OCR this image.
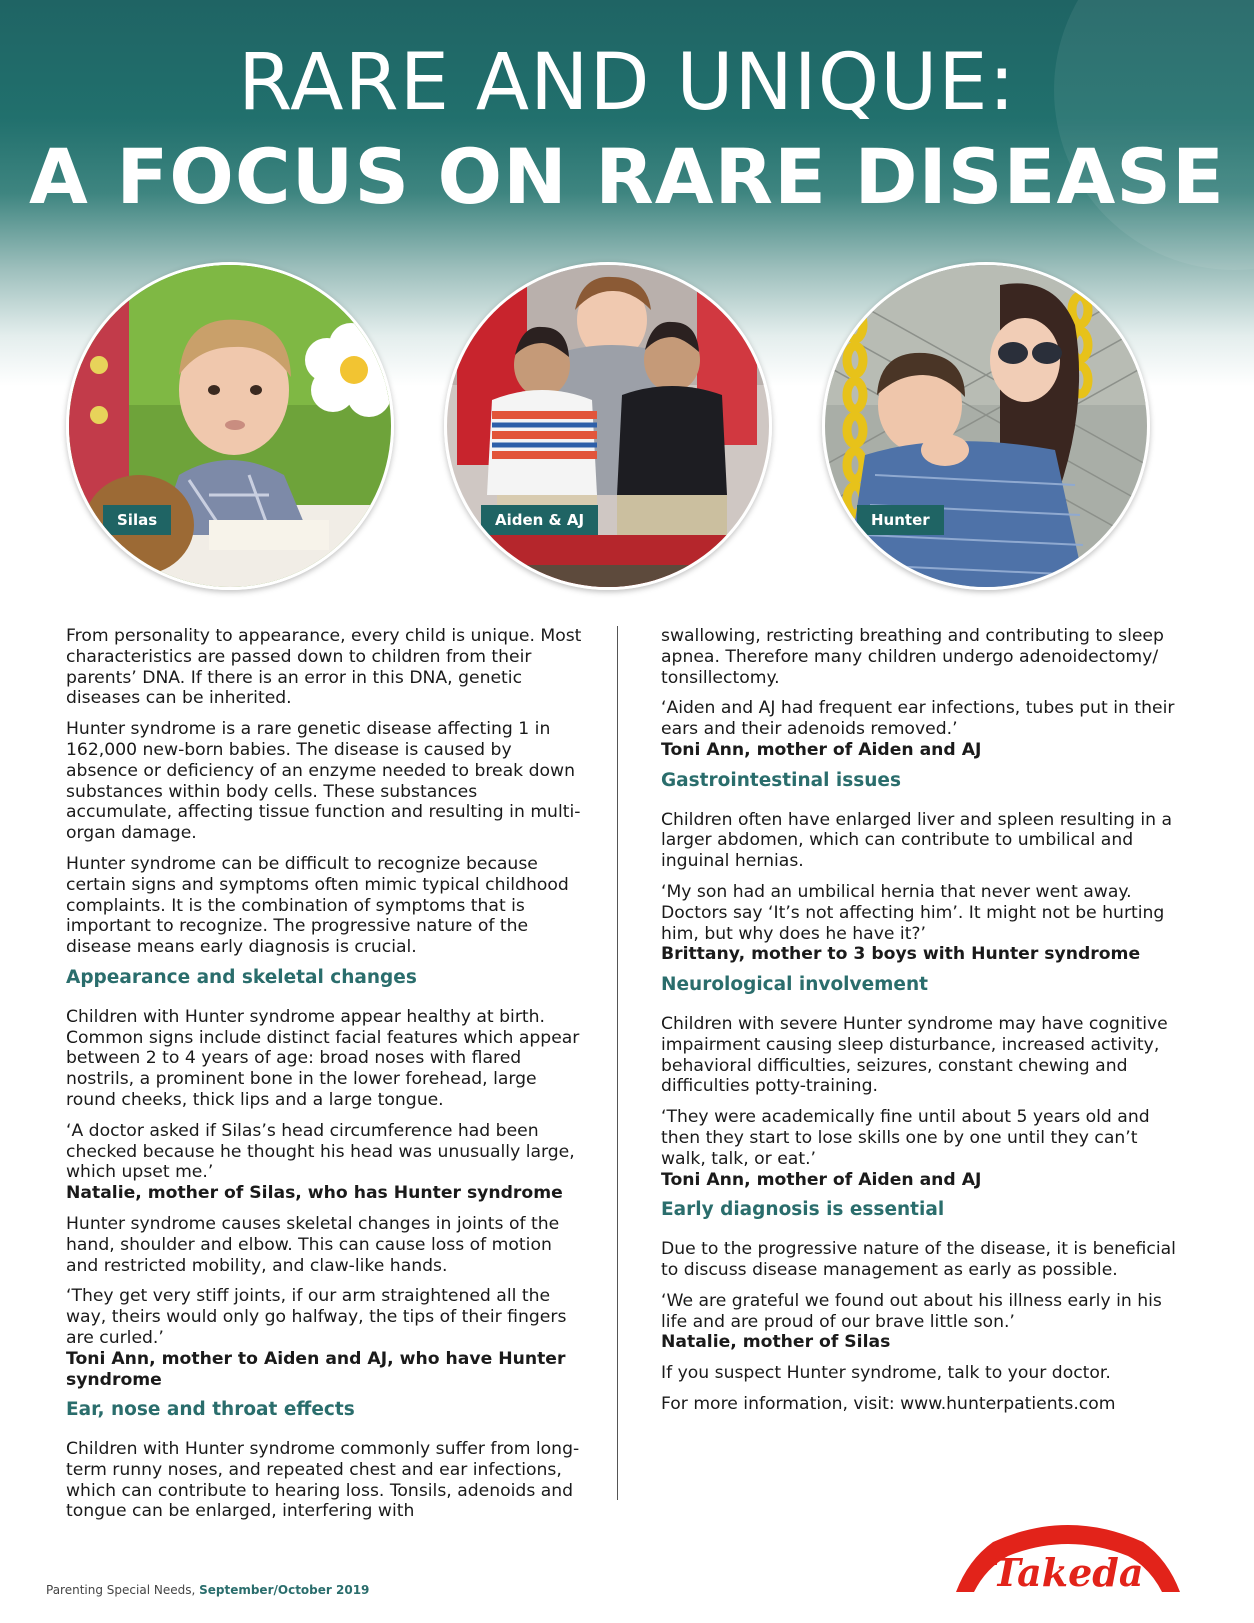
RARE AND UNIQUE:
A FOCUS ON RARE DISEASE
Silas	Aiden & AJ	Hunter

From personality to appearance, every child is unique. Most characteristics are passed down to children from their parents’ DNA. If there is an error in this DNA, genetic diseases can be inherited.

Hunter syndrome is a rare genetic disease affecting 1 in 162,000 new-born babies. The disease is caused by absence or deficiency of an enzyme needed to break down substances within body cells. These substances accumulate, affecting tissue function and resulting in multi-organ damage.

Hunter syndrome can be difficult to recognize because certain signs and symptoms often mimic typical childhood complaints. It is the combination of symptoms that is important to recognize. The progressive nature of the disease means early diagnosis is crucial.

Appearance and skeletal changes

Children with Hunter syndrome appear healthy at birth. Common signs include distinct facial features which appear between 2 to 4 years of age: broad noses with flared nostrils, a prominent bone in the lower forehead, large round cheeks, thick lips and a large tongue.

‘A doctor asked if Silas’s head circumference had been checked because he thought his head was unusually large, which upset me.’
Natalie, mother of Silas, who has Hunter syndrome

Hunter syndrome causes skeletal changes in joints of the hand, shoulder and elbow. This can cause loss of motion and restricted mobility, and claw-like hands.

‘They get very stiff joints, if our arm straightened all the way, theirs would only go halfway, the tips of their fingers are curled.’
Toni Ann, mother to Aiden and AJ, who have Hunter syndrome

Ear, nose and throat effects

Children with Hunter syndrome commonly suffer from long-term runny noses, and repeated chest and ear infections, which can contribute to hearing loss. Tonsils, adenoids and tongue can be enlarged, interfering with

swallowing, restricting breathing and contributing to sleep apnea. Therefore many children undergo adenoidectomy/ tonsillectomy.

‘Aiden and AJ had frequent ear infections, tubes put in their ears and their adenoids removed.’
Toni Ann, mother of Aiden and AJ

Gastrointestinal issues

Children often have enlarged liver and spleen resulting in a larger abdomen, which can contribute to umbilical and inguinal hernias.

‘My son had an umbilical hernia that never went away. Doctors say ‘It’s not affecting him’. It might not be hurting him, but why does he have it?’
Brittany, mother to 3 boys with Hunter syndrome

Neurological involvement

Children with severe Hunter syndrome may have cognitive impairment causing sleep disturbance, increased activity, behavioral difficulties, seizures, constant chewing and difficulties potty-training.

‘They were academically fine until about 5 years old and then they start to lose skills one by one until they can’t walk, talk, or eat.’
Toni Ann, mother of Aiden and AJ

Early diagnosis is essential

Due to the progressive nature of the disease, it is beneficial to discuss disease management as early as possible.

‘We are grateful we found out about his illness early in his life and are proud of our brave little son.’
Natalie, mother of Silas

If you suspect Hunter syndrome, talk to your doctor.

For more information, visit: www.hunterpatients.com

Parenting Special Needs, September/October 2019	Takeda
